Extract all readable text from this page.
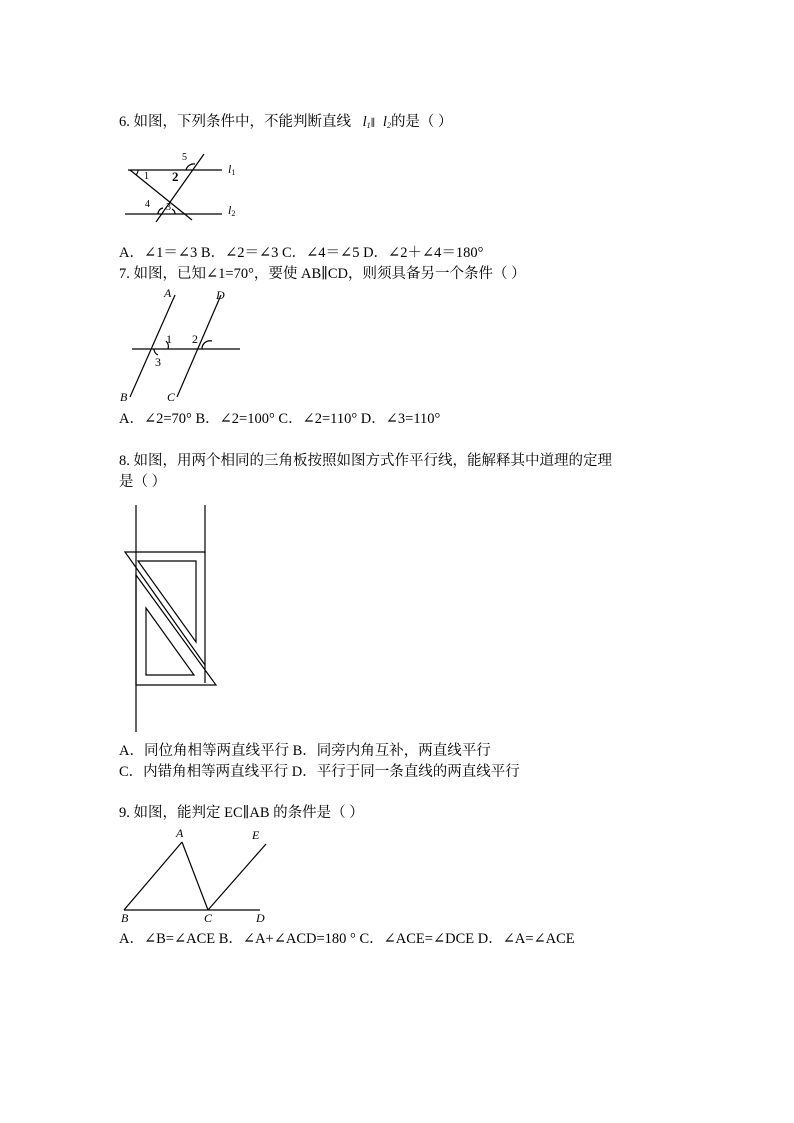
6. 如图，下列条件中，不能判断直线 $l_1\parallel$ $l_2$的是（ ）
5
1 2
4 3
$l_1$
$l_2$
A．∠1＝∠3 B．∠2＝∠3 C．∠4＝∠5 D．∠2＋∠4＝180°
7. 如图，已知∠1=70°，要使 AB∥CD，则须具备另一个条件（ ）
A	D
1 2
3
B	C
A．∠2=70° B．∠2=100° C．∠2=110° D．∠3=110°
8. 如图，用两个相同的三角板按照如图方式作平行线，能解释其中道理的定理
是（ ）
A．同位角相等两直线平行 B．同旁内角互补，两直线平行
C．内错角相等两直线平行 D．平行于同一条直线的两直线平行
9. 如图，能判定 EC∥AB 的条件是（ ）
A	E
B	C	D
A．∠B=∠ACE B．∠A+∠ACD=180 ° C．∠ACE=∠DCE D．∠A=∠ACE
